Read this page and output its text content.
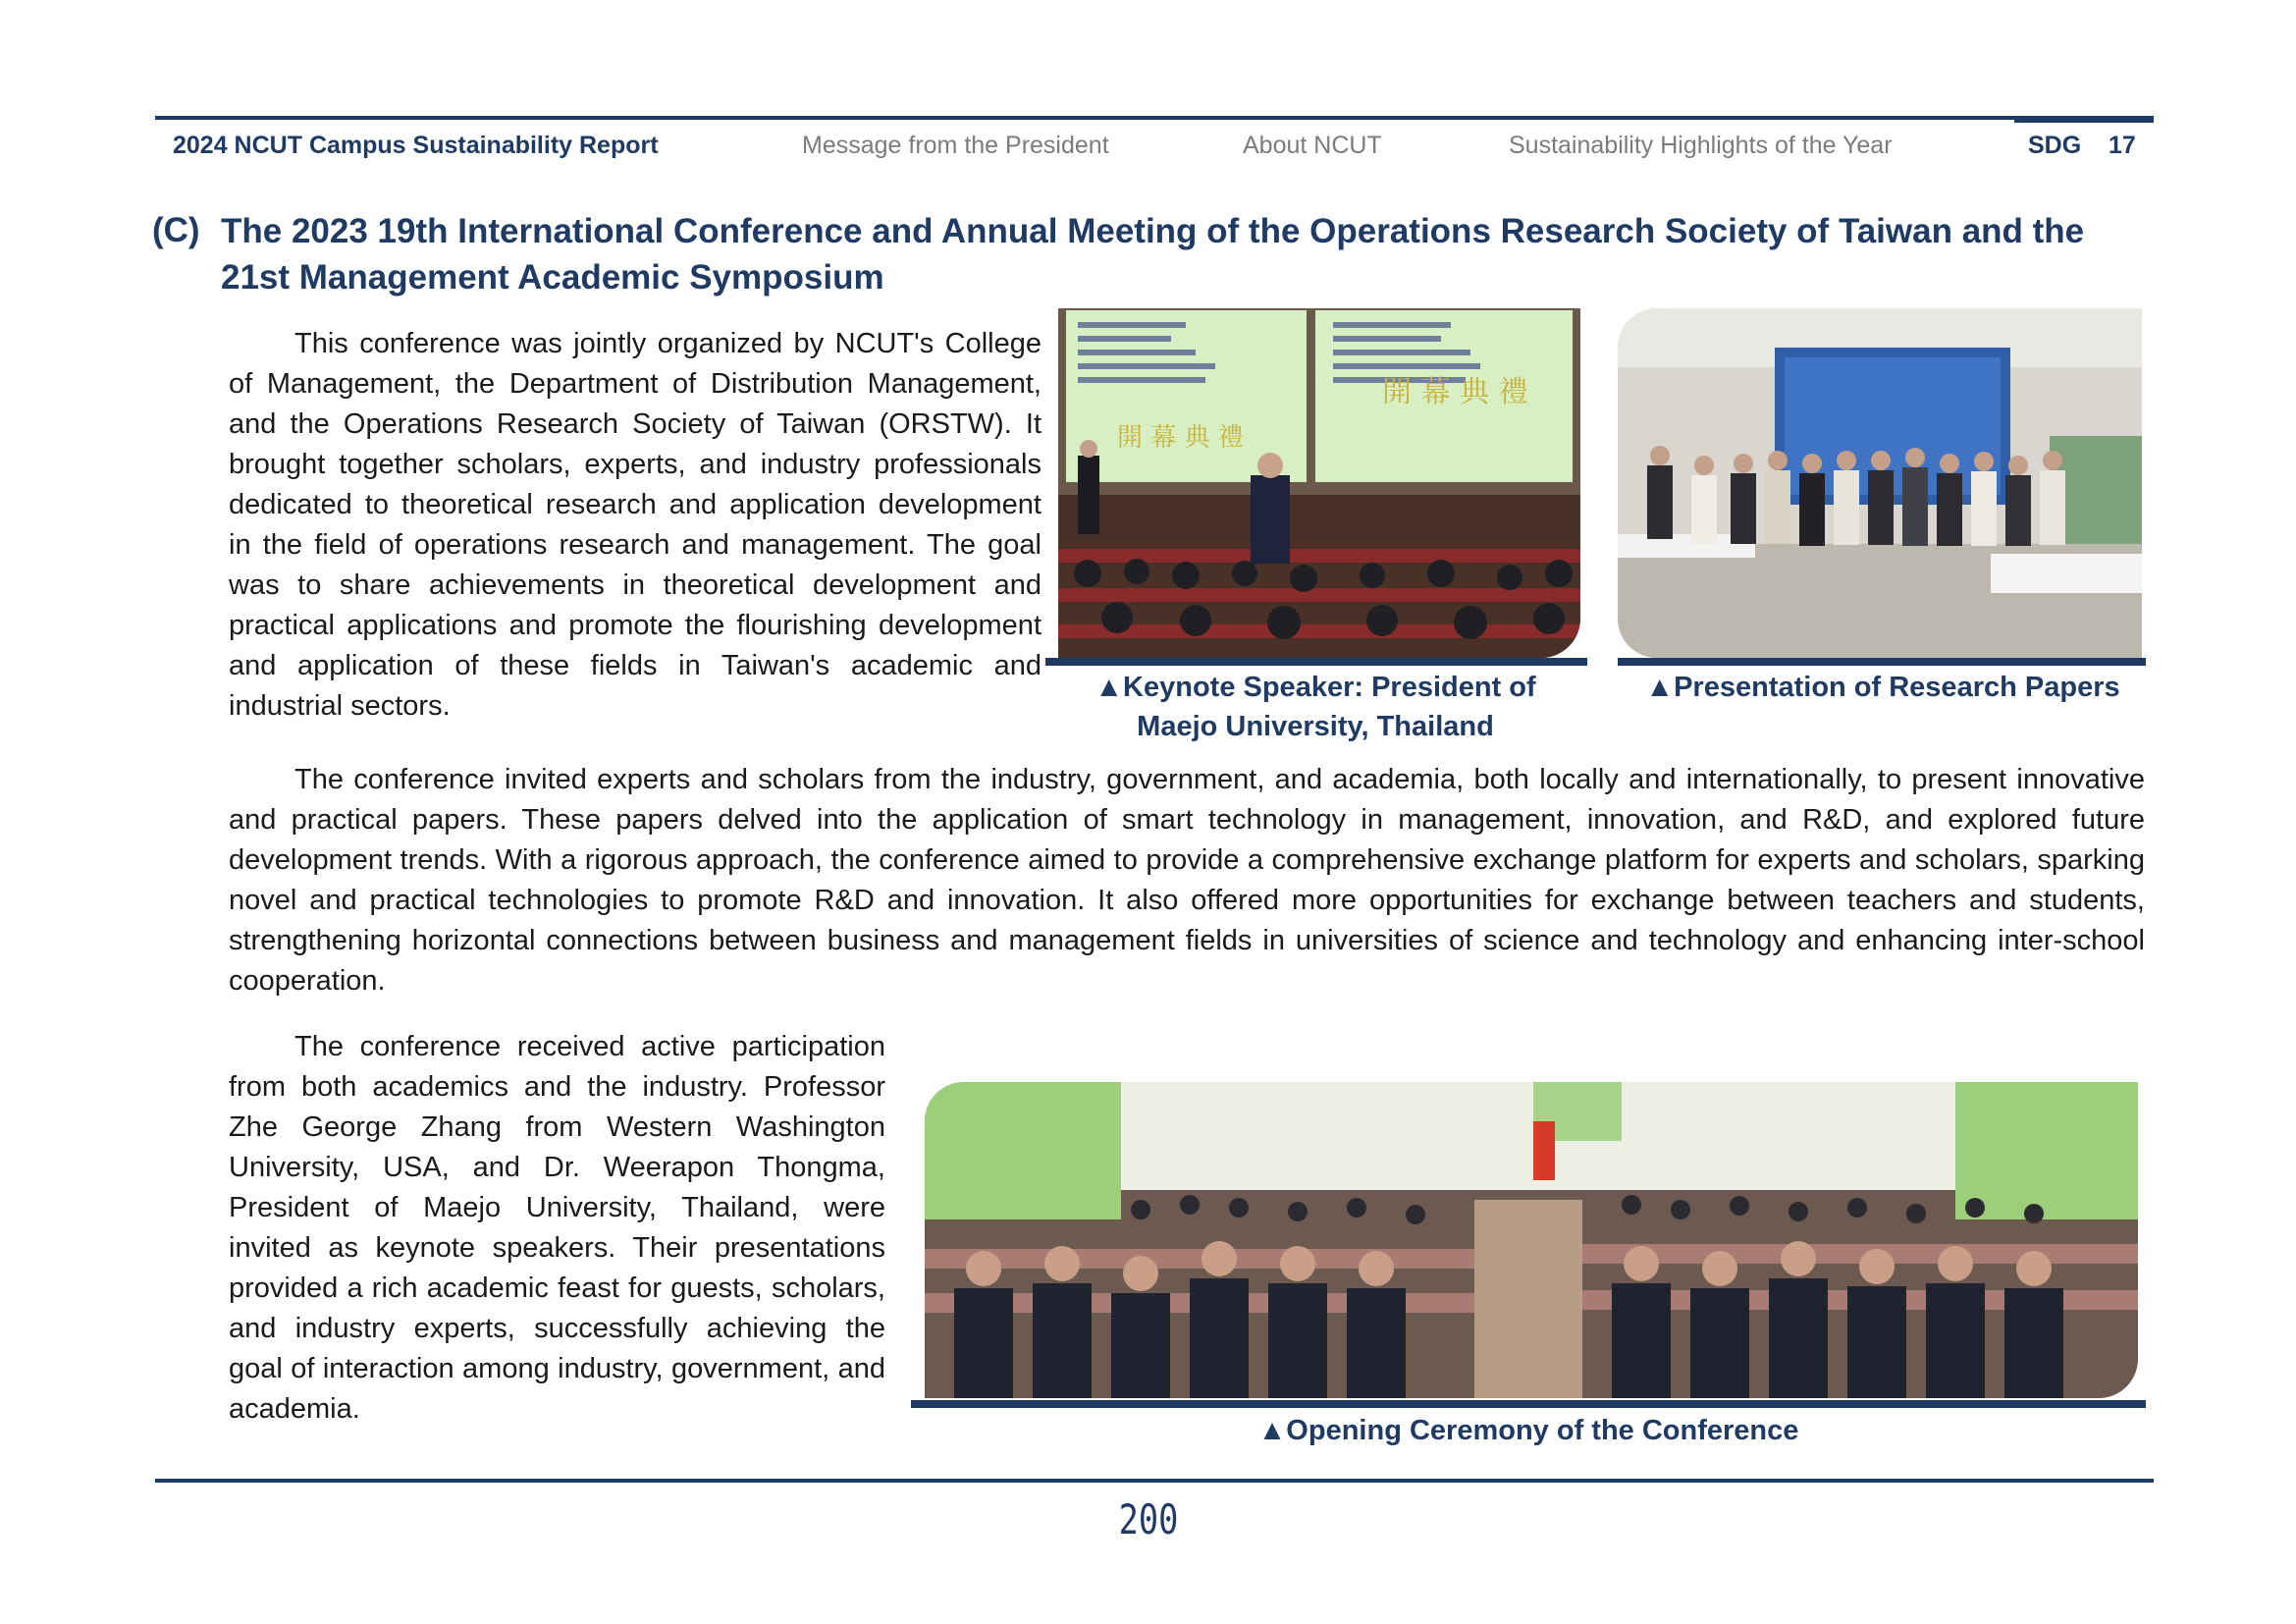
2024 NCUT Campus Sustainability Report	Message from the President	About NCUT	Sustainability Highlights of the Year	SDG 17
(C) The 2023 19th International Conference and Annual Meeting of the Operations Research Society of Taiwan and the 21st Management Academic Symposium

This conference was jointly organized by NCUT's College of Management, the Department of Distribution Management, and the Operations Research Society of Taiwan (ORSTW). It brought together scholars, experts, and industry professionals dedicated to theoretical research and application development in the field of operations research and management. The goal was to share achievements in theoretical development and practical applications and promote the flourishing development and application of these fields in Taiwan's academic and industrial sectors.

The conference invited experts and scholars from the industry, government, and academia, both locally and internationally, to present innovative and practical papers. These papers delved into the application of smart technology in management, innovation, and R&D, and explored future development trends. With a rigorous approach, the conference aimed to provide a comprehensive exchange platform for experts and scholars, sparking novel and practical technologies to promote R&D and innovation. It also offered more opportunities for exchange between teachers and students, strengthening horizontal connections between business and management fields in universities of science and technology and enhancing inter-school cooperation.

The conference received active participation from both academics and the industry. Professor Zhe George Zhang from Western Washington University, USA, and Dr. Weerapon Thongma, President of Maejo University, Thailand, were invited as keynote speakers. Their presentations provided a rich academic feast for guests, scholars, and industry experts, successfully achieving the goal of interaction among industry, government, and academia.

開 幕 典 禮
開 幕 典 禮
▲Keynote Speaker: President of Maejo University, Thailand
▲Presentation of Research Papers
▲Opening Ceremony of the Conference
200
